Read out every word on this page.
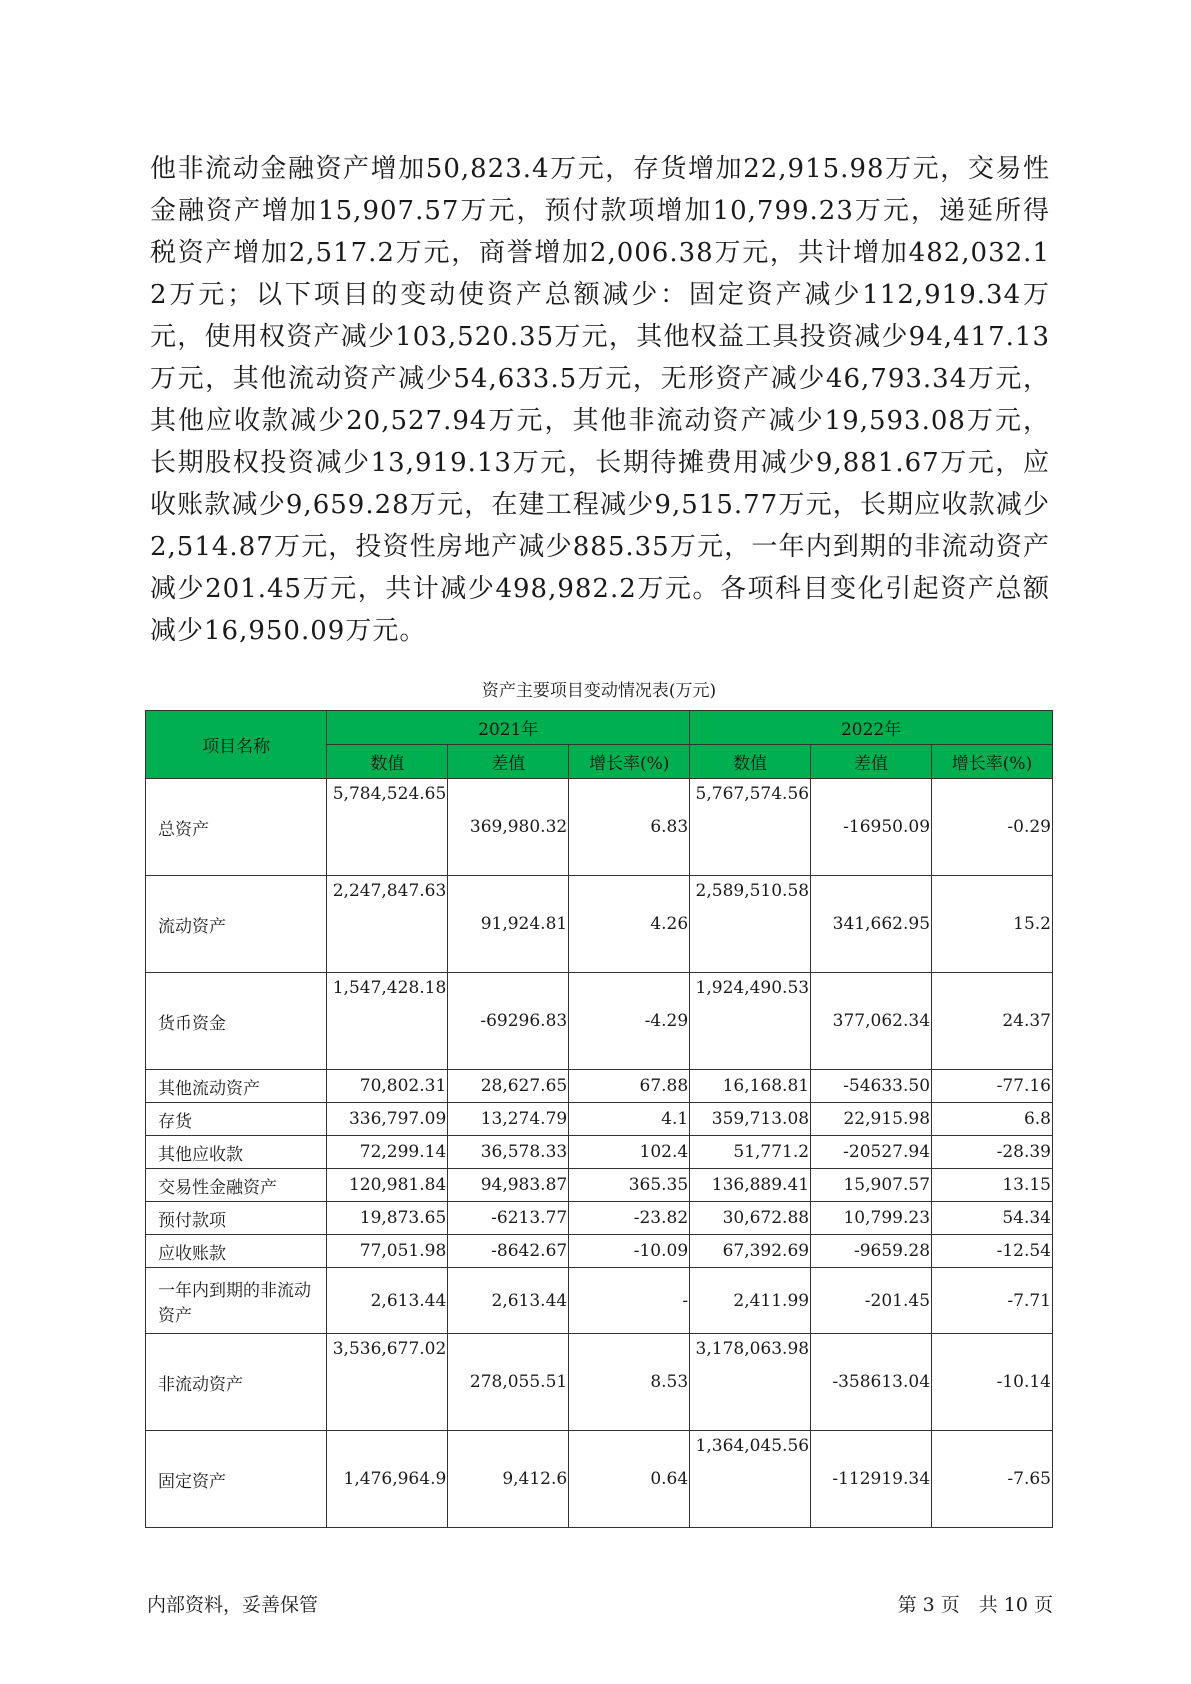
他非流动金融资产增加50,823.4万元，存货增加22,915.98万元，交易性金融资产增加15,907.57万元，预付款项增加10,799.23万元，递延所得税资产增加2,517.2万元，商誉增加2,006.38万元，共计增加482,032.12万元；以下项目的变动使资产总额减少：固定资产减少112,919.34万元，使用权资产减少103,520.35万元，其他权益工具投资减少94,417.13万元，其他流动资产减少54,633.5万元，无形资产减少46,793.34万元，其他应收款减少20,527.94万元，其他非流动资产减少19,593.08万元，长期股权投资减少13,919.13万元，长期待摊费用减少9,881.67万元，应收账款减少9,659.28万元，在建工程减少9,515.77万元，长期应收款减少2,514.87万元，投资性房地产减少885.35万元，一年内到期的非流动资产减少201.45万元，共计减少498,982.2万元。各项科目变化引起资产总额减少16,950.09万元。

资产主要项目变动情况表(万元)
项目名称	2021年			2022年		
	数值	差值	增长率(%)	数值	差值	增长率(%)
总资产	5,784,524.65	369,980.32	6.83	5,767,574.56	-16950.09	-0.29
流动资产	2,247,847.63	91,924.81	4.26	2,589,510.58	341,662.95	15.2
货币资金	1,547,428.18	-69296.83	-4.29	1,924,490.53	377,062.34	24.37
其他流动资产	70,802.31	28,627.65	67.88	16,168.81	-54633.50	-77.16
存货	336,797.09	13,274.79	4.1	359,713.08	22,915.98	6.8
其他应收款	72,299.14	36,578.33	102.4	51,771.2	-20527.94	-28.39
交易性金融资产	120,981.84	94,983.87	365.35	136,889.41	15,907.57	13.15
预付款项	19,873.65	-6213.77	-23.82	30,672.88	10,799.23	54.34
应收账款	77,051.98	-8642.67	-10.09	67,392.69	-9659.28	-12.54
一年内到期的非流动资产	2,613.44	2,613.44	-	2,411.99	-201.45	-7.71
非流动资产	3,536,677.02	278,055.51	8.53	3,178,063.98	-358613.04	-10.14
固定资产	1,476,964.9	9,412.6	0.64	1,364,045.56	-112919.34	-7.65
内部资料，妥善保管	第 3 页　共 10 页
